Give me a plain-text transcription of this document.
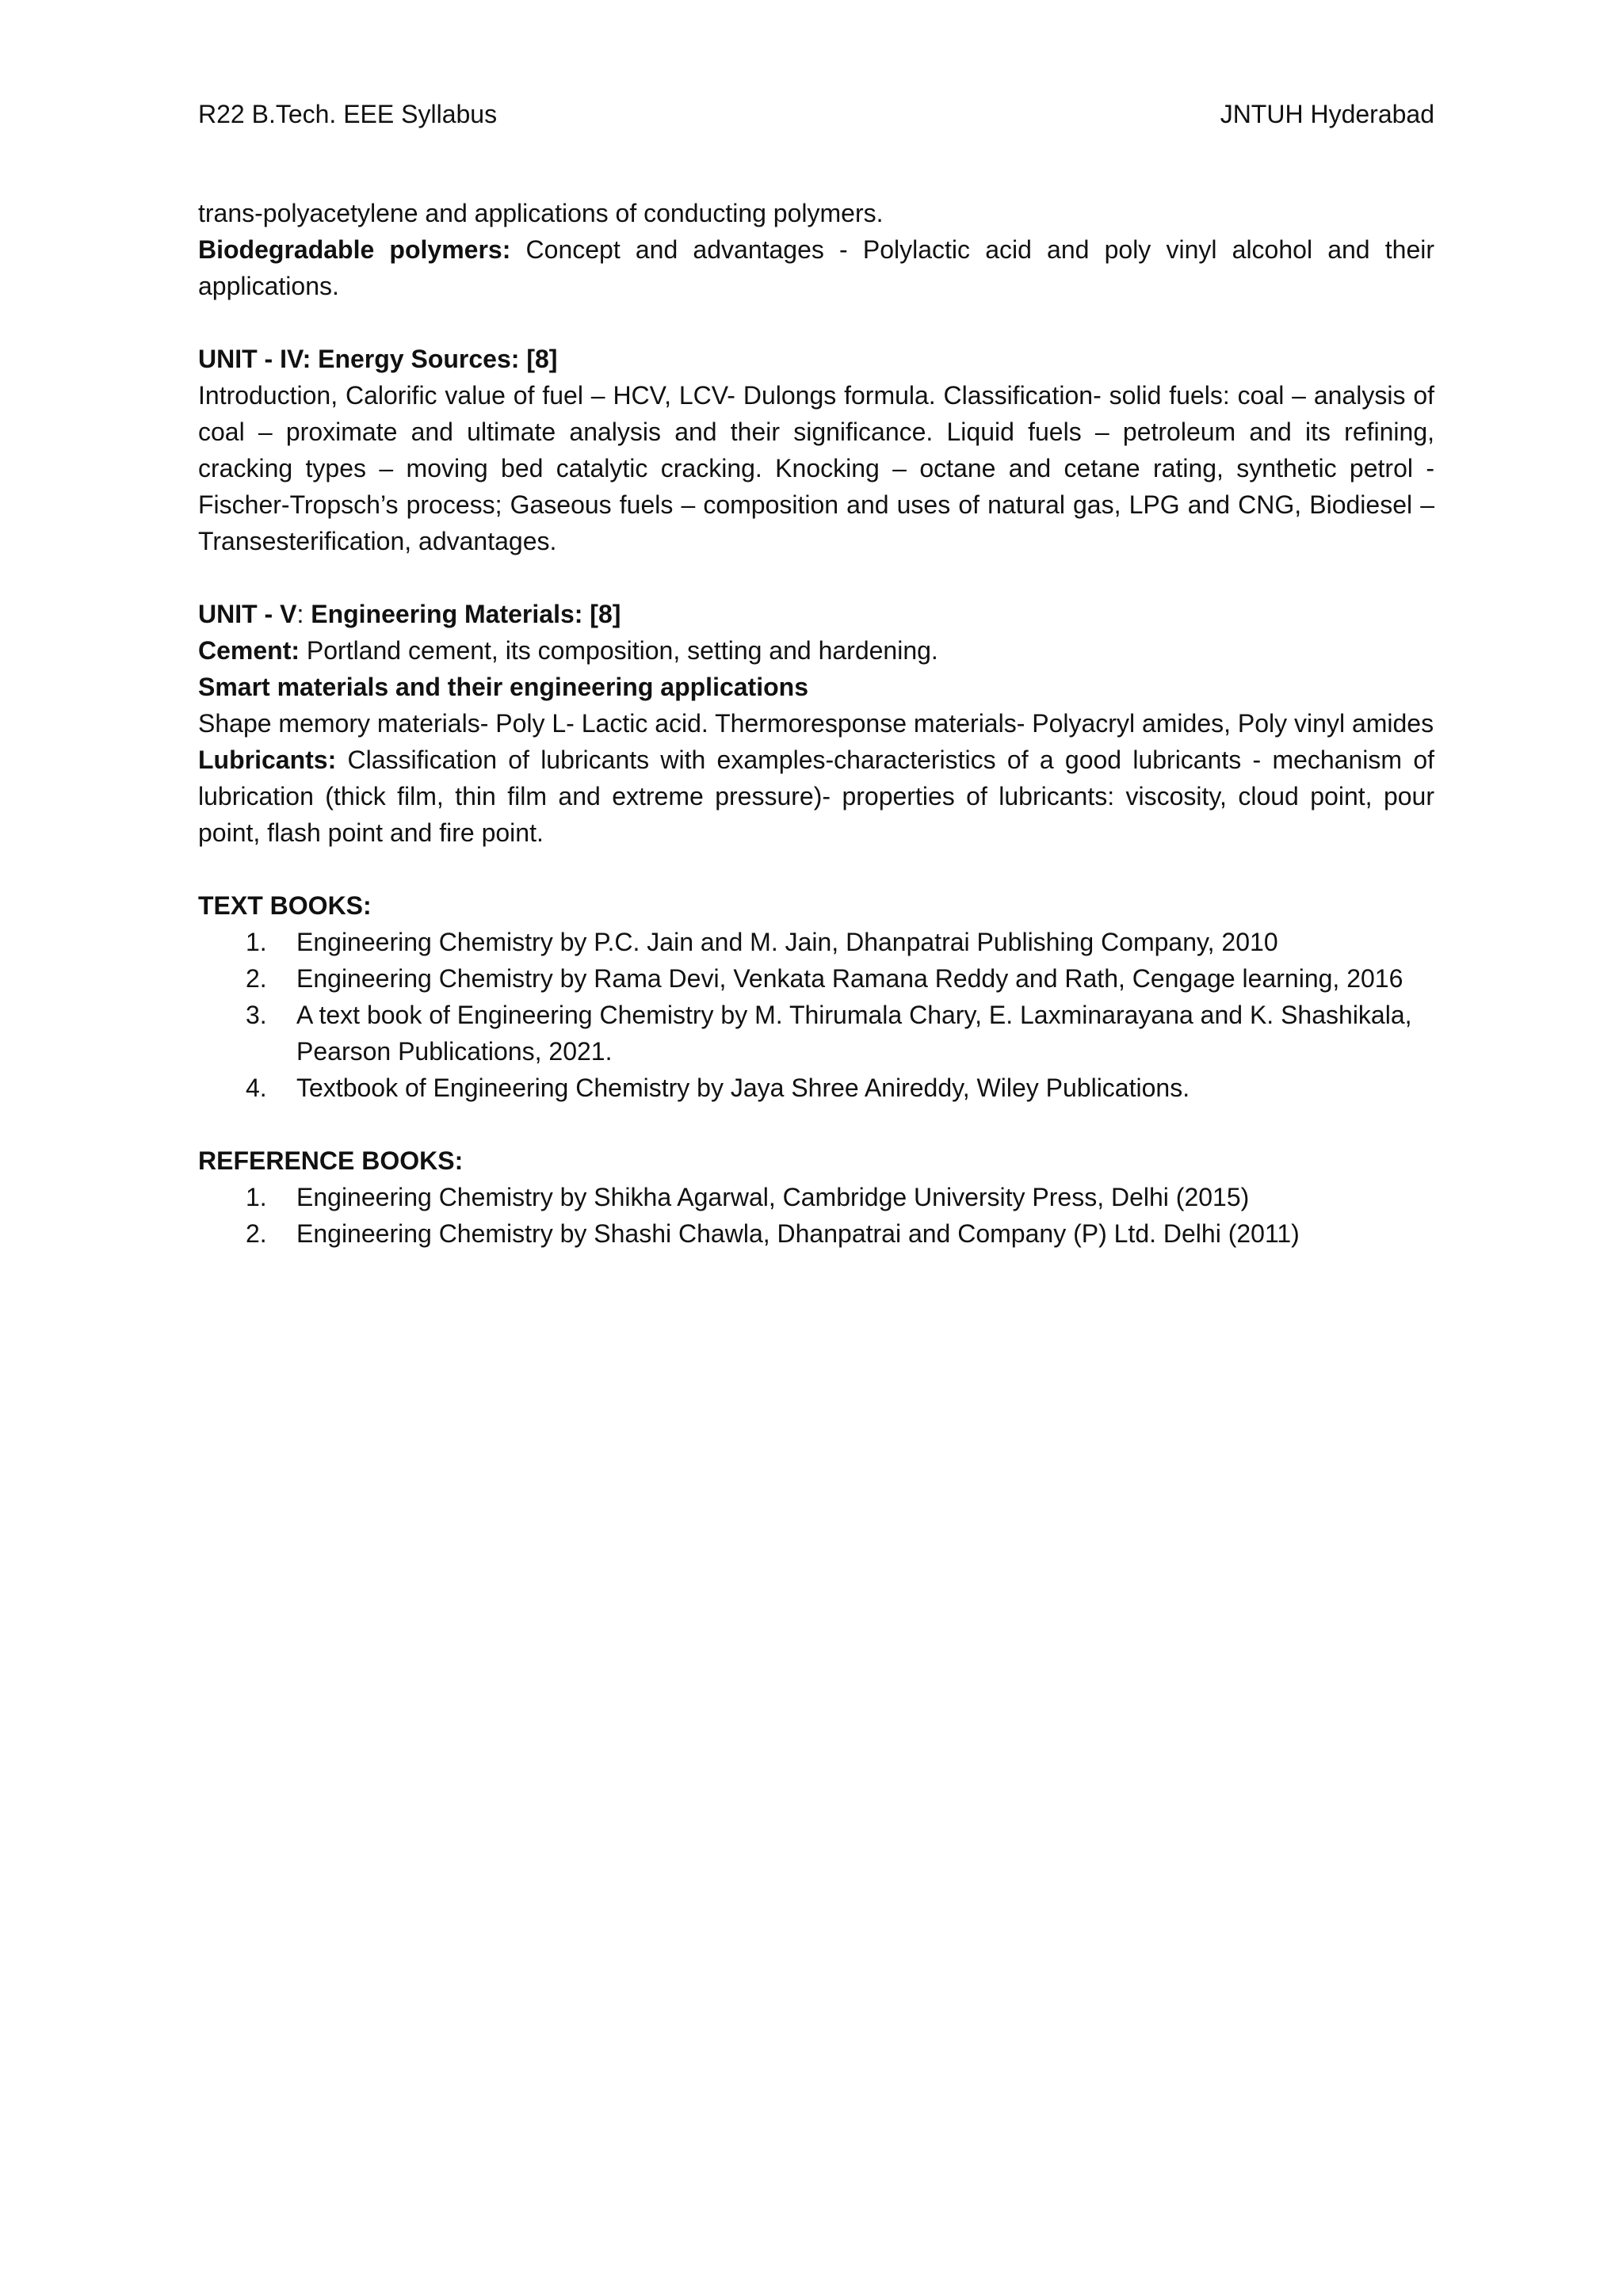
R22 B.Tech. EEE Syllabus	JNTUH Hyderabad

trans-polyacetylene and applications of conducting polymers.

Biodegradable polymers: Concept and advantages - Polylactic acid and poly vinyl alcohol and their applications.

UNIT - IV: Energy Sources: [8]

Introduction, Calorific value of fuel – HCV, LCV- Dulongs formula. Classification- solid fuels: coal – analysis of coal – proximate and ultimate analysis and their significance. Liquid fuels – petroleum and its refining, cracking types – moving bed catalytic cracking. Knocking – octane and cetane rating, synthetic petrol - Fischer-Tropsch’s process; Gaseous fuels – composition and uses of natural gas, LPG and CNG, Biodiesel – Transesterification, advantages.

UNIT - V: Engineering Materials: [8]

Cement: Portland cement, its composition, setting and hardening.

Smart materials and their engineering applications

Shape memory materials- Poly L- Lactic acid. Thermoresponse materials- Polyacryl amides, Poly vinyl amides

Lubricants: Classification of lubricants with examples-characteristics of a good lubricants - mechanism of lubrication (thick film, thin film and extreme pressure)- properties of lubricants: viscosity, cloud point, pour point, flash point and fire point.

TEXT BOOKS:

1. Engineering Chemistry by P.C. Jain and M. Jain, Dhanpatrai Publishing Company, 2010
2. Engineering Chemistry by Rama Devi, Venkata Ramana Reddy and Rath, Cengage learning, 2016
3. A text book of Engineering Chemistry by M. Thirumala Chary, E. Laxminarayana and K. Shashikala, Pearson Publications, 2021.
4. Textbook of Engineering Chemistry by Jaya Shree Anireddy, Wiley Publications.

REFERENCE BOOKS:

1. Engineering Chemistry by Shikha Agarwal, Cambridge University Press, Delhi (2015)
2. Engineering Chemistry by Shashi Chawla, Dhanpatrai and Company (P) Ltd. Delhi (2011)
